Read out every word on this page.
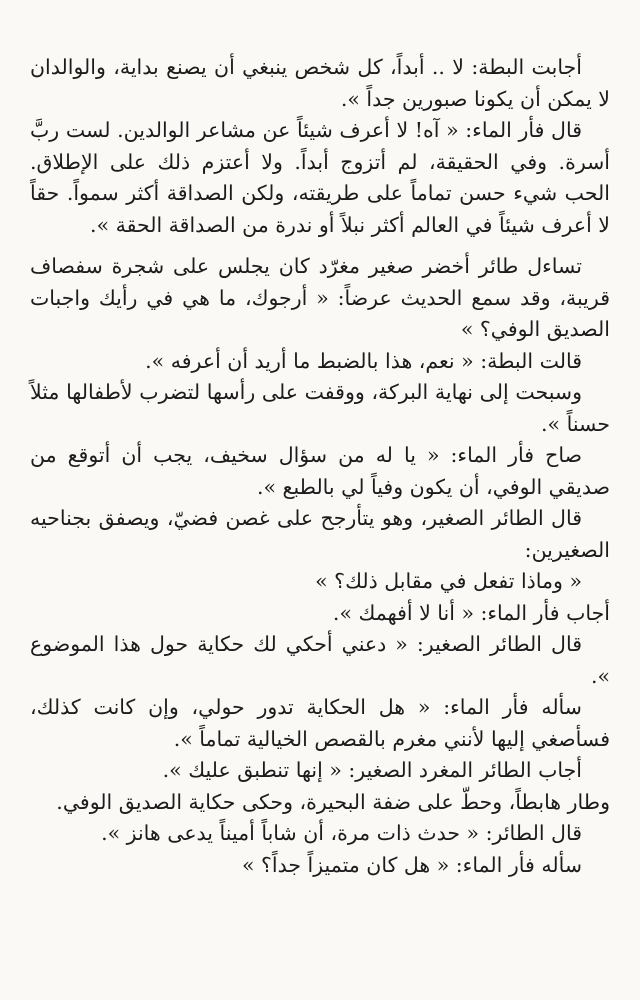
أجابت البطة: لا .. أبداً، كل شخص ينبغي أن يصنع بداية، والوالدان لا يمكن أن يكونا صبورين جداً ».

قال فأر الماء: « آه! لا أعرف شيئاً عن مشاعر الوالدين. لست ربَّ أسرة. وفي الحقيقة، لم أتزوج أبداً. ولا أعتزم ذلك على الإطلاق. الحب شيء حسن تماماً على طريقته، ولكن الصداقة أكثر سمواً. حقاً لا أعرف شيئاً في العالم أكثر نبلاً أو ندرة من الصداقة الحقة ».

تساءل طائر أخضر صغير مغرّد كان يجلس على شجرة سفصاف قريبة، وقد سمع الحديث عرضاً: « أرجوك، ما هي في رأيك واجبات الصديق الوفي؟ »

قالت البطة: « نعم، هذا بالضبط ما أريد أن أعرفه ».

وسبحت إلى نهاية البركة، ووقفت على رأسها لتضرب لأطفالها مثلاً حسناً ».

صاح فأر الماء: « يا له من سؤال سخيف، يجب أن أتوقع من صديقي الوفي، أن يكون وفياً لي بالطبع ».

قال الطائر الصغير، وهو يتأرجح على غصن فضيّ، ويصفق بجناحيه الصغيرين:

« وماذا تفعل في مقابل ذلك؟ »

أجاب فأر الماء: « أنا لا أفهمك ».

قال الطائر الصغير: « دعني أحكي لك حكاية حول هذا الموضوع ».

سأله فأر الماء: « هل الحكاية تدور حولي، وإن كانت كذلك، فسأصغي إليها لأنني مغرم بالقصص الخيالية تماماً ».

أجاب الطائر المغرد الصغير: « إنها تنطبق عليك ».

وطار هابطاً، وحطّ على ضفة البحيرة، وحكى حكاية الصديق الوفي.

قال الطائر: « حدث ذات مرة، أن شاباً أميناً يدعى هانز ».

سأله فأر الماء: « هل كان متميزاً جداً؟ »
